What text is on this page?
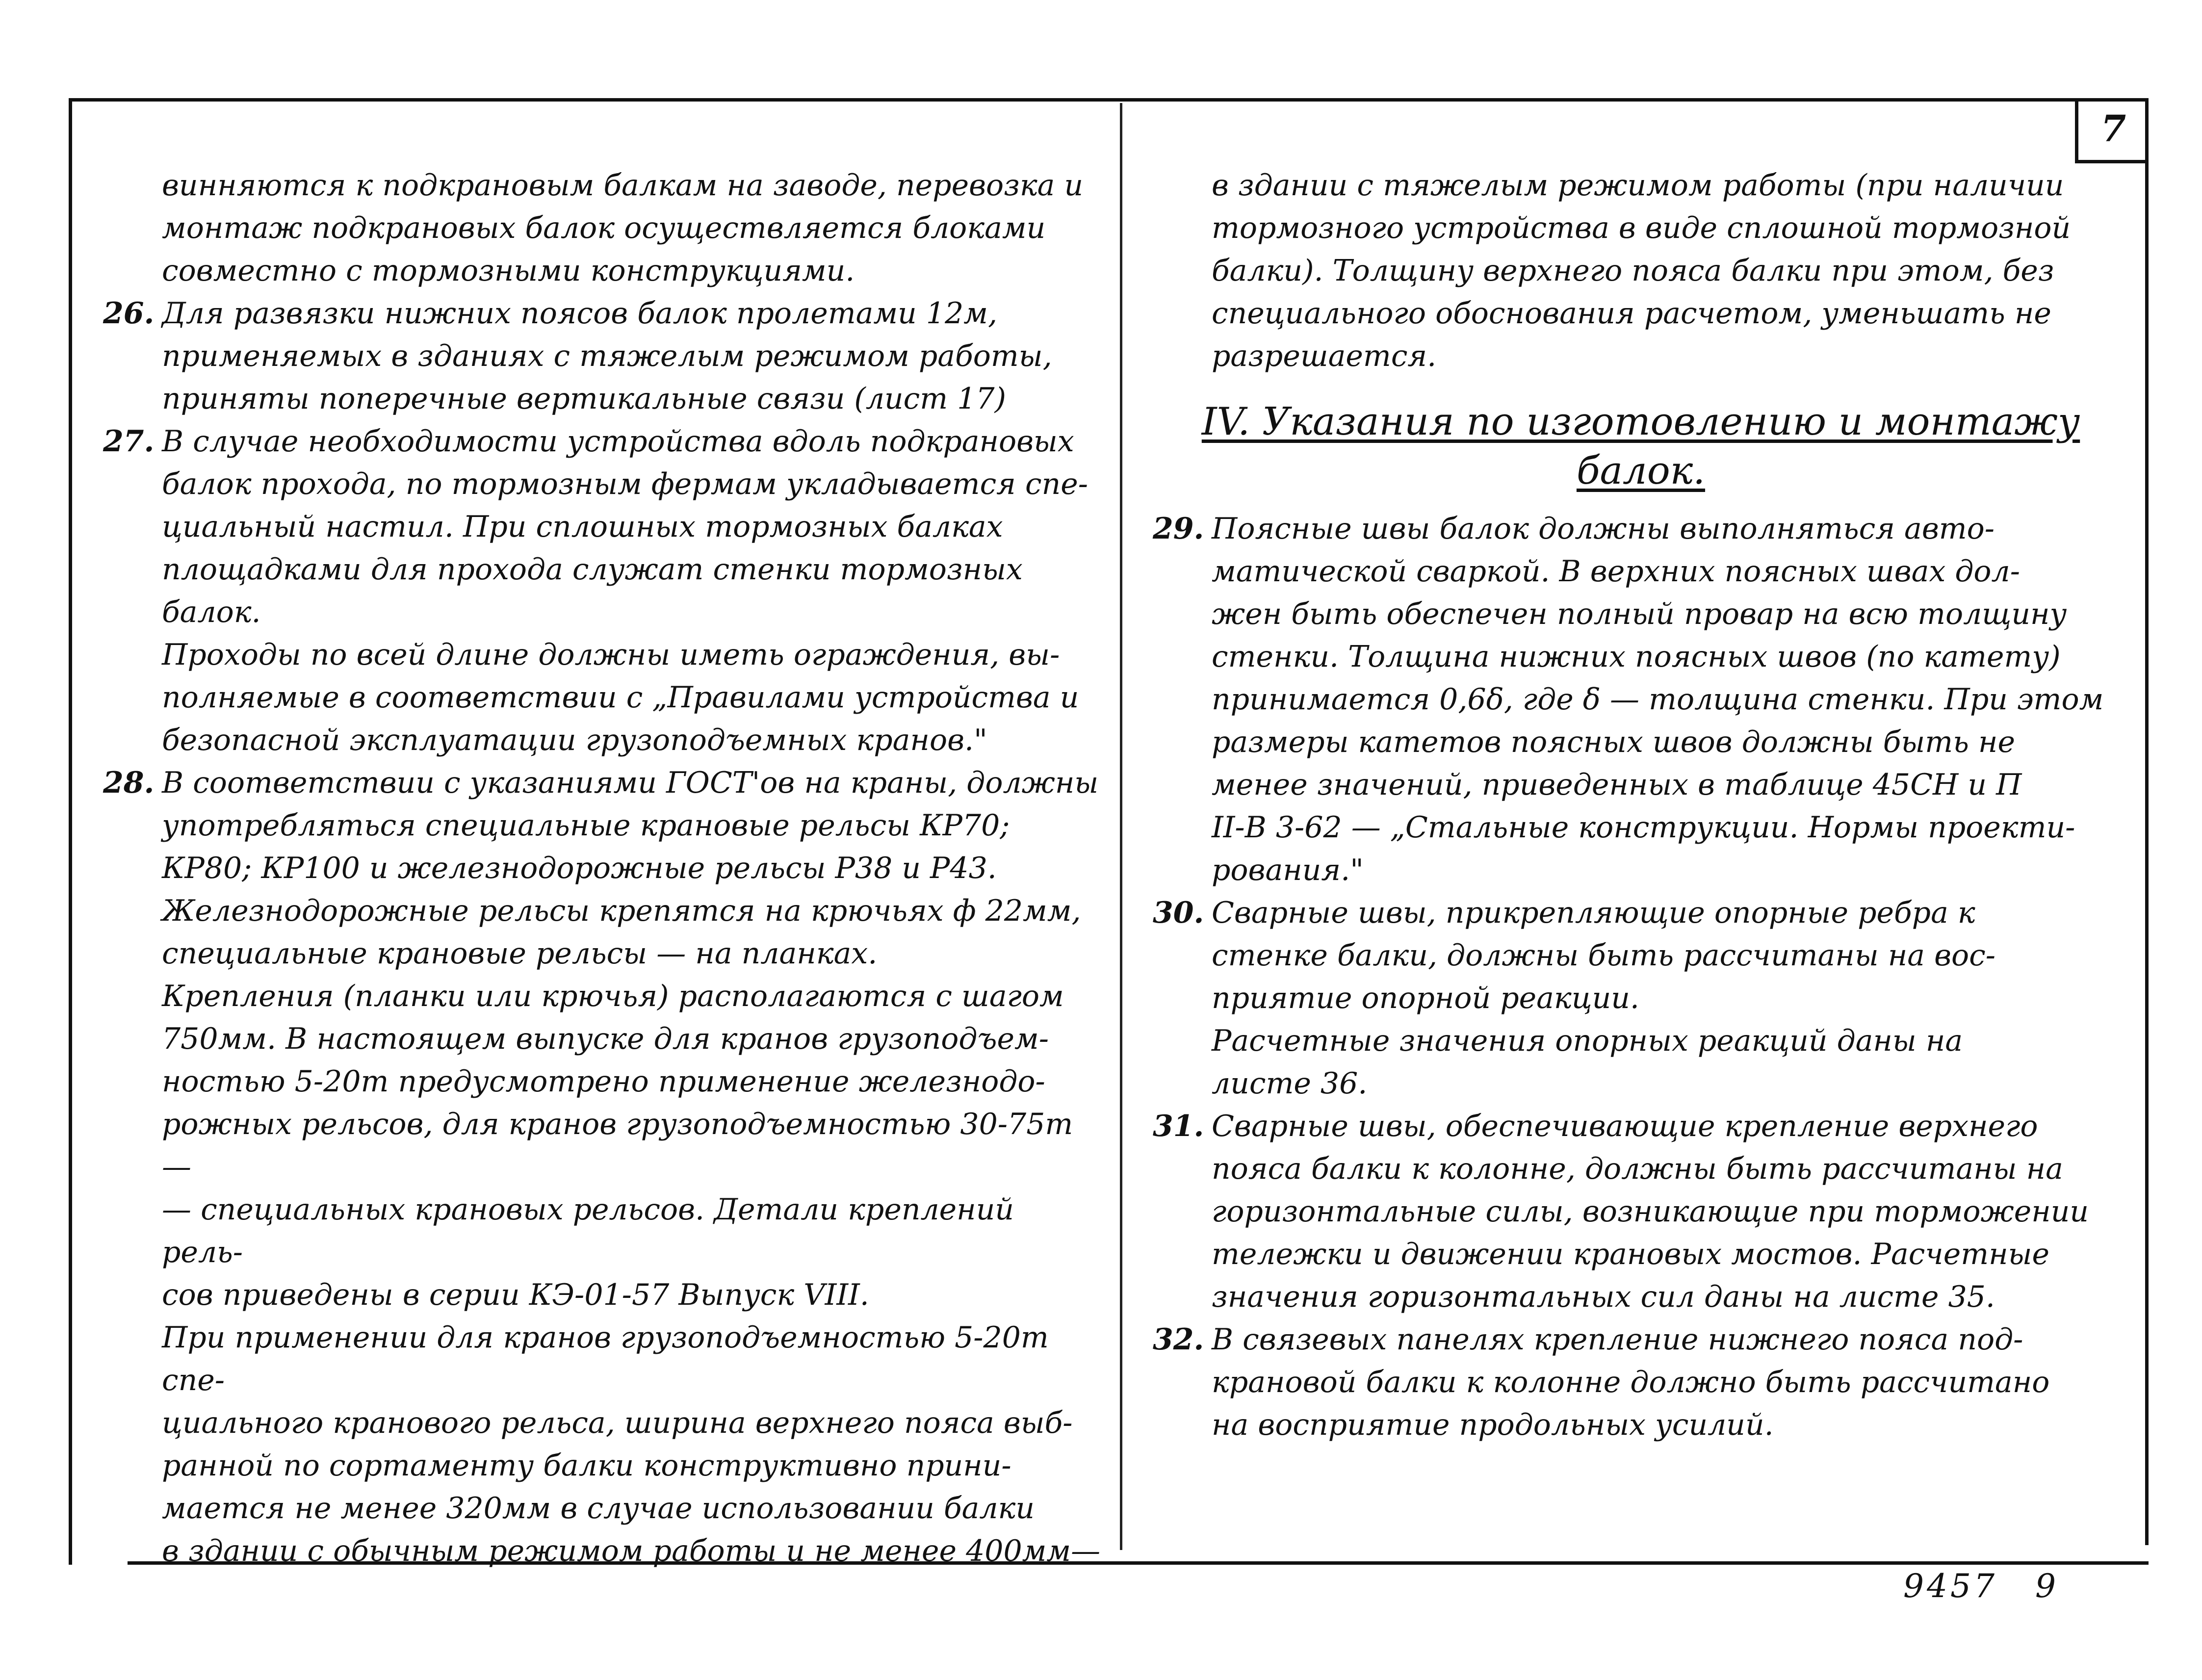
7
винняются к подкрановым балкам на заводе, перевозка и
монтаж подкрановых балок осуществляется блоками
совместно с тормозными конструкциями.
26. Для развязки нижних поясов балок пролетами 12м,
применяемых в зданиях с тяжелым режимом работы,
приняты поперечные вертикальные связи (лист 17)
27. В случае необходимости устройства вдоль подкрановых
балок прохода, по тормозным фермам укладывается спе-
циальный настил. При сплошных тормозных балках
площадками для прохода служат стенки тормозных
балок.
Проходы по всей длине должны иметь ограждения, вы-
полняемые в соответствии с „Правилами устройства и
безопасной эксплуатации грузоподъемных кранов."
28. В соответствии с указаниями ГОСТ'ов на краны, должны
употребляться специальные крановые рельсы КР70;
КР80; КР100 и железнодорожные рельсы Р38 и Р43.
Железнодорожные рельсы крепятся на крючьях ф 22мм,
специальные крановые рельсы — на планках.
Крепления (планки или крючья) располагаются с шагом
750мм. В настоящем выпуске для кранов грузоподъем-
ностью 5-20т предусмотрено применение железнодо-
рожных рельсов, для кранов грузоподъемностью 30-75т —
— специальных крановых рельсов. Детали креплений рель-
сов приведены в серии КЭ-01-57 Выпуск VIII.
При применении для кранов грузоподъемностью 5-20т спе-
циального кранового рельса, ширина верхнего пояса выб-
ранной по сортаменту балки конструктивно прини-
мается не менее 320мм в случае использовании балки
в здании с обычным режимом работы и не менее 400мм—
в здании с тяжелым режимом работы (при наличии
тормозного устройства в виде сплошной тормозной
балки). Толщину верхнего пояса балки при этом, без
специального обоснования расчетом, уменьшать не
разрешается.
IV. Указания по изготовлению и монтажу
балок.
29. Поясные швы балок должны выполняться авто-
матической сваркой. В верхних поясных швах дол-
жен быть обеспечен полный провар на всю толщину
стенки. Толщина нижних поясных швов (по катету)
принимается 0,6δ, где δ — толщина стенки. При этом
размеры катетов поясных швов должны быть не
менее значений, приведенных в таблице 45СН и П
II-В 3-62 — „Стальные конструкции. Нормы проекти-
рования."
30. Сварные швы, прикрепляющие опорные ребра к
стенке балки, должны быть рассчитаны на вос-
приятие опорной реакции.
Расчетные значения опорных реакций даны на
листе 36.
31. Сварные швы, обеспечивающие крепление верхнего
пояса балки к колонне, должны быть рассчитаны на
горизонтальные силы, возникающие при торможении
тележки и движении крановых мостов. Расчетные
значения горизонтальных сил даны на листе 35.
32. В связевых панелях крепление нижнего пояса под-
крановой балки к колонне должно быть рассчитано
на восприятие продольных усилий.
9457 9
